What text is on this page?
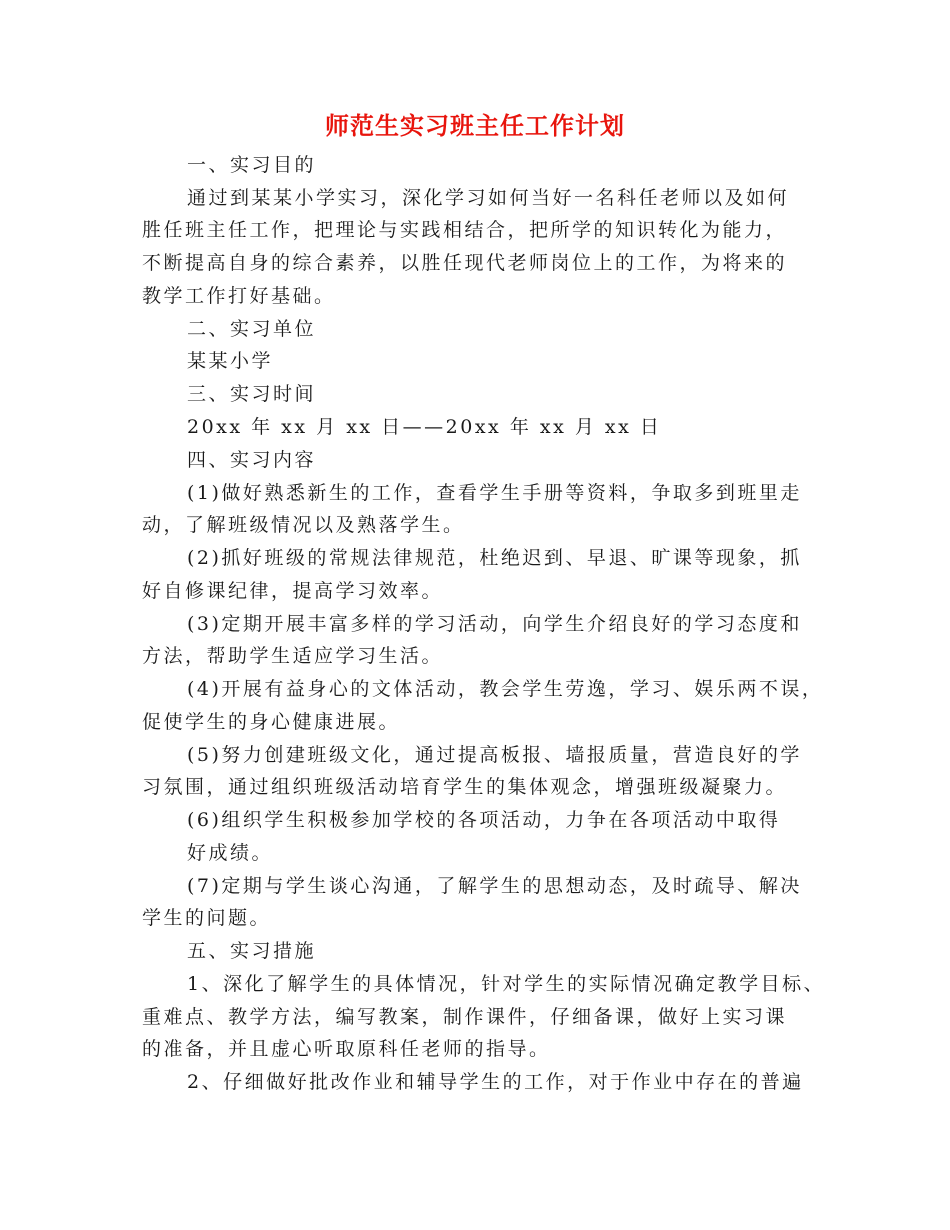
师范生实习班主任工作计划
一、实习目的
通过到某某小学实习，深化学习如何当好一名科任老师以及如何
胜任班主任工作，把理论与实践相结合，把所学的知识转化为能力，
不断提高自身的综合素养，以胜任现代老师岗位上的工作，为将来的
教学工作打好基础。
二、实习单位
某某小学
三、实习时间
20xx 年 xx 月 xx 日——20xx 年 xx 月 xx 日
四、实习内容
(1)做好熟悉新生的工作，查看学生手册等资料，争取多到班里走
动，了解班级情况以及熟落学生。
(2)抓好班级的常规法律规范，杜绝迟到、早退、旷课等现象，抓
好自修课纪律，提高学习效率。
(3)定期开展丰富多样的学习活动，向学生介绍良好的学习态度和
方法，帮助学生适应学习生活。
(4)开展有益身心的文体活动，教会学生劳逸，学习、娱乐两不误，
促使学生的身心健康进展。
(5)努力创建班级文化，通过提高板报、墙报质量，营造良好的学
习氛围，通过组织班级活动培育学生的集体观念，增强班级凝聚力。
(6)组织学生积极参加学校的各项活动，力争在各项活动中取得
好成绩。
(7)定期与学生谈心沟通，了解学生的思想动态，及时疏导、解决
学生的问题。
五、实习措施
1、深化了解学生的具体情况，针对学生的实际情况确定教学目标、
重难点、教学方法，编写教案，制作课件，仔细备课，做好上实习课
的准备，并且虚心听取原科任老师的指导。
2、仔细做好批改作业和辅导学生的工作，对于作业中存在的普遍
